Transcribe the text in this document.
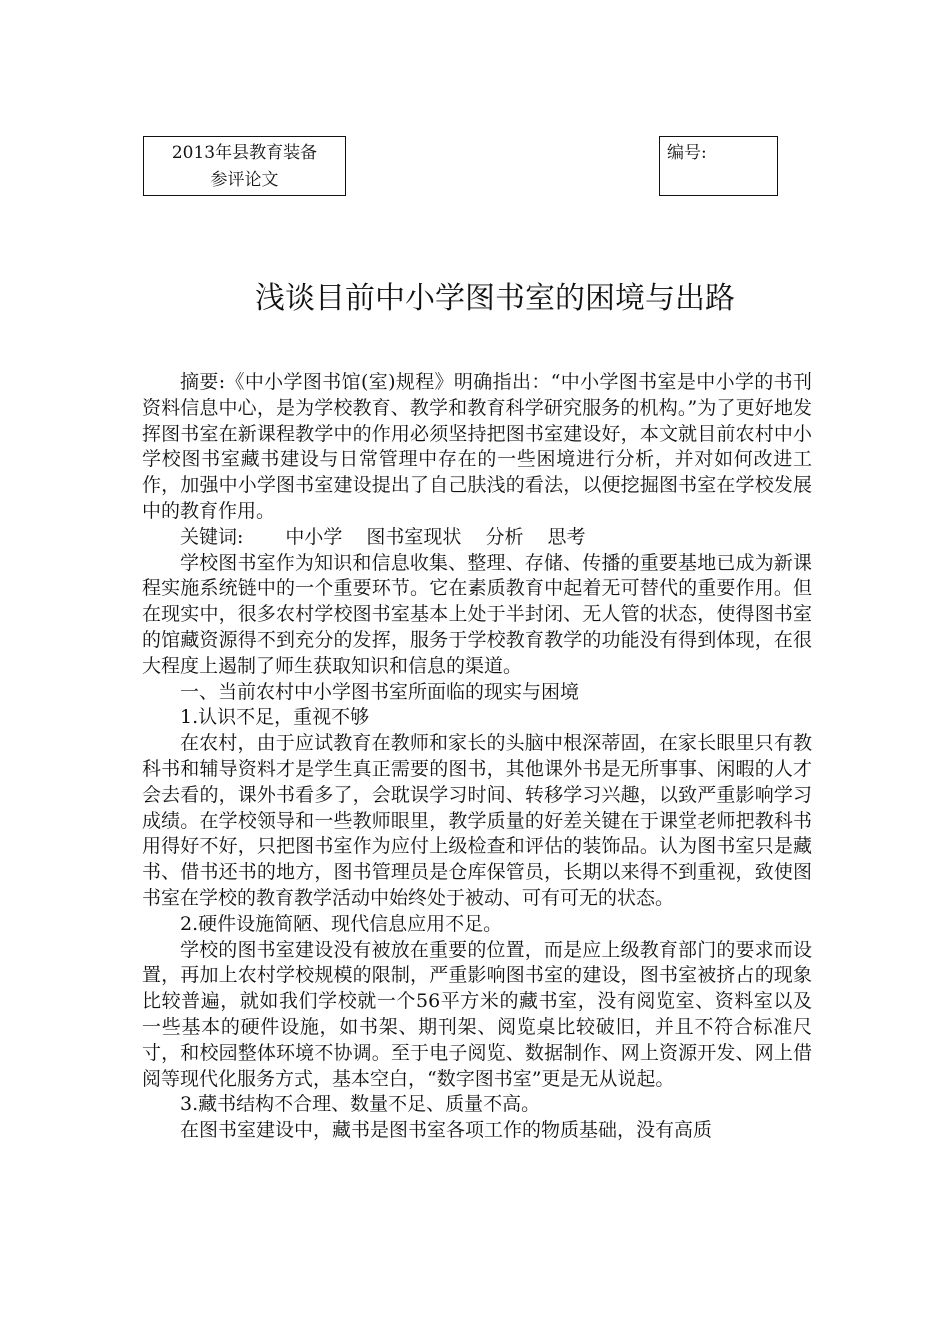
2013年县教育装备
参评论文
编号:
浅谈目前中小学图书室的困境与出路

摘要:《中小学图书馆(室)规程》明确指出：“中小学图书室是中小学的书刊资料信息中心，是为学校教育、教学和教育科学研究服务的机构。”为了更好地发挥图书室在新课程教学中的作用必须坚持把图书室建设好，本文就目前农村中小学校图书室藏书建设与日常管理中存在的一些困境进行分析，并对如何改进工作，加强中小学图书室建设提出了自己肤浅的看法，以便挖掘图书室在学校发展中的教育作用。

关键词: 中小学 图书室现状 分析 思考

学校图书室作为知识和信息收集、整理、存储、传播的重要基地已成为新课程实施系统链中的一个重要环节。它在素质教育中起着无可替代的重要作用。但在现实中，很多农村学校图书室基本上处于半封闭、无人管的状态，使得图书室的馆藏资源得不到充分的发挥，服务于学校教育教学的功能没有得到体现，在很大程度上遏制了师生获取知识和信息的渠道。

一、当前农村中小学图书室所面临的现实与困境

1.认识不足，重视不够

在农村，由于应试教育在教师和家长的头脑中根深蒂固，在家长眼里只有教科书和辅导资料才是学生真正需要的图书，其他课外书是无所事事、闲暇的人才会去看的，课外书看多了，会耽误学习时间、转移学习兴趣，以致严重影响学习成绩。在学校领导和一些教师眼里，教学质量的好差关键在于课堂老师把教科书用得好不好，只把图书室作为应付上级检查和评估的装饰品。认为图书室只是藏书、借书还书的地方，图书管理员是仓库保管员，长期以来得不到重视，致使图书室在学校的教育教学活动中始终处于被动、可有可无的状态。

2.硬件设施简陋、现代信息应用不足。

学校的图书室建设没有被放在重要的位置，而是应上级教育部门的要求而设置，再加上农村学校规模的限制，严重影响图书室的建设，图书室被挤占的现象比较普遍，就如我们学校就一个56平方米的藏书室，没有阅览室、资料室以及一些基本的硬件设施，如书架、期刊架、阅览桌比较破旧，并且不符合标准尺寸，和校园整体环境不协调。至于电子阅览、数据制作、网上资源开发、网上借阅等现代化服务方式，基本空白，“数字图书室”更是无从说起。

3.藏书结构不合理、数量不足、质量不高。

在图书室建设中，藏书是图书室各项工作的物质基础，没有高质
